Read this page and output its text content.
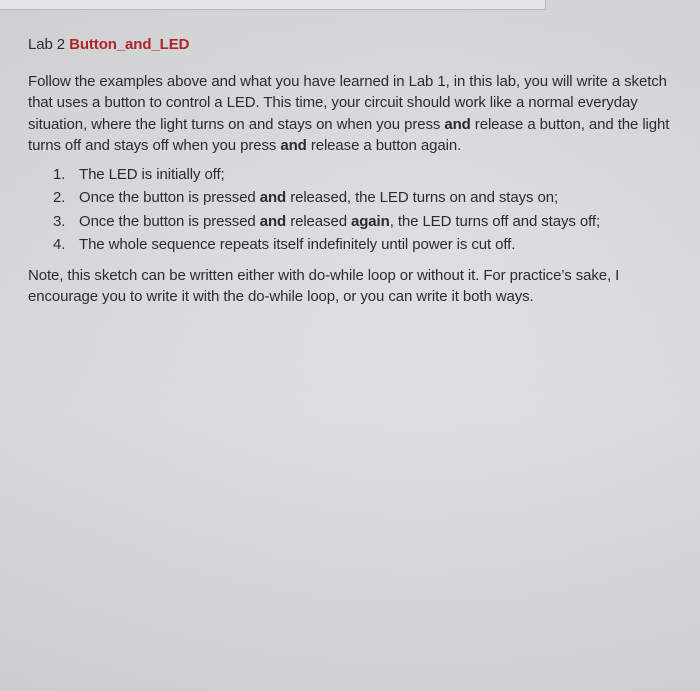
Lab 2 Button_and_LED

Follow the examples above and what you have learned in Lab 1, in this lab, you will write a sketch that uses a button to control a LED. This time, your circuit should work like a normal everyday situation, where the light turns on and stays on when you press and release a button, and the light turns off and stays off when you press and release a button again.

1. The LED is initially off;
2. Once the button is pressed and released, the LED turns on and stays on;
3. Once the button is pressed and released again, the LED turns off and stays off;
4. The whole sequence repeats itself indefinitely until power is cut off.

Note, this sketch can be written either with do-while loop or without it. For practice’s sake, I encourage you to write it with the do-while loop, or you can write it both ways.
